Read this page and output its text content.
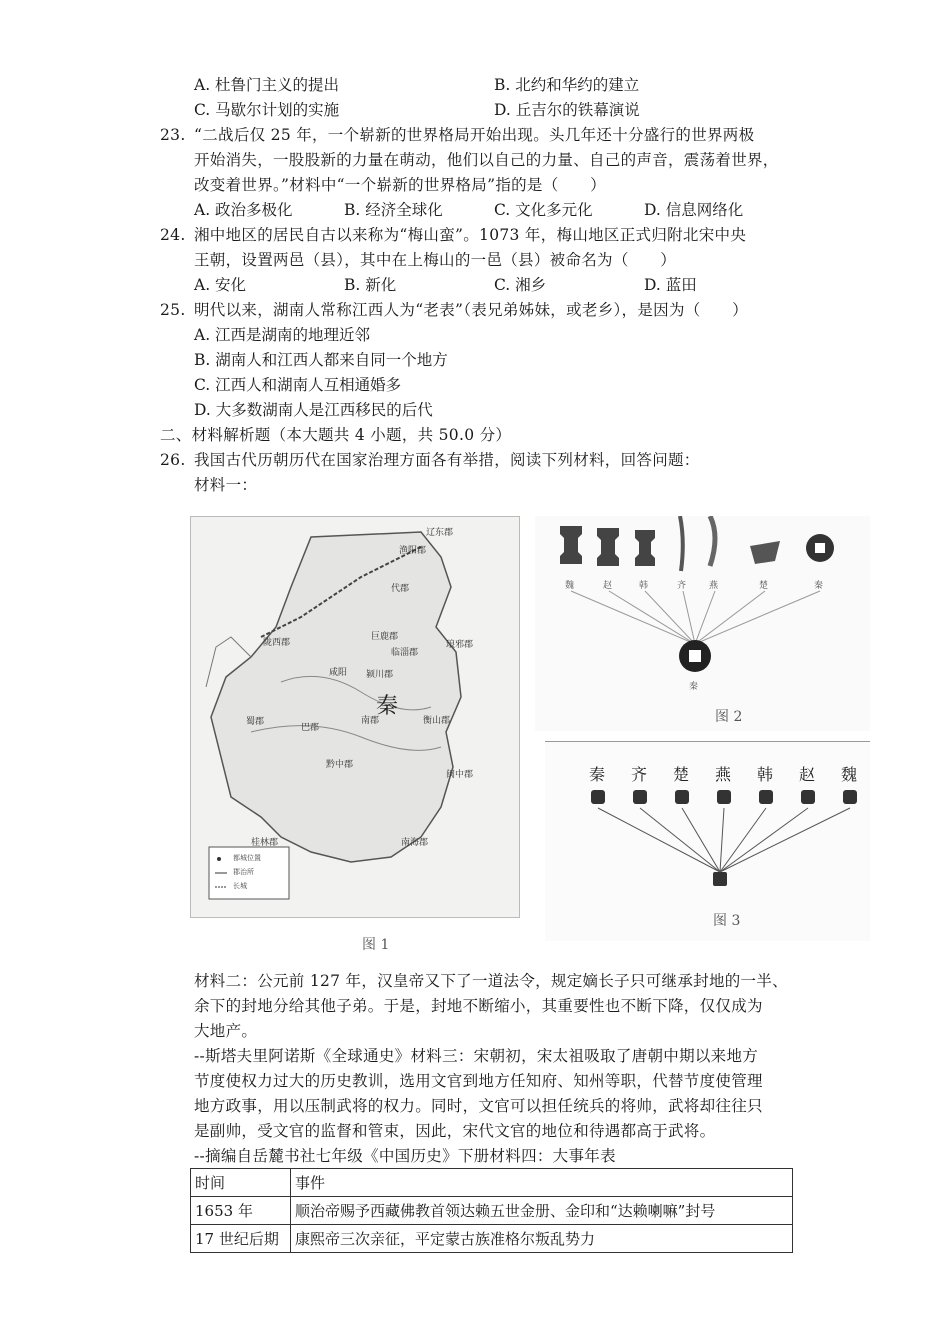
A. 杜鲁门主义的提出	B. 北约和华约的建立
C. 马歇尔计划的实施	D. 丘吉尔的铁幕演说
23. “二战后仅 25 年，一个崭新的世界格局开始出现。头几年还十分盛行的世界两极
开始消失，一股股新的力量在萌动，他们以自己的力量、自己的声音，震荡着世界，
改变着世界。”材料中“一个崭新的世界格局”指的是（　　）
A. 政治多极化	B. 经济全球化	C. 文化多元化	D. 信息网络化
24. 湘中地区的居民自古以来称为“梅山蛮”。1073 年，梅山地区正式归附北宋中央
王朝，设置两邑（县），其中在上梅山的一邑（县）被命名为（　　）
A. 安化	B. 新化	C. 湘乡	D. 蓝田
25. 明代以来，湖南人常称江西人为“老表”（表兄弟姊妹，或老乡），是因为（　　）
A. 江西是湖南的地理近邻
B. 湖南人和江西人都来自同一个地方
C. 江西人和湖南人互相通婚多
D. 大多数湖南人是江西移民的后代
二、材料解析题（本大题共 4 小题，共 50.0 分）
26. 我国古代历朝历代在国家治理方面各有举措，阅读下列材料，回答问题：
材料一：
秦
辽东郡
渔阳郡
代郡
巨鹿郡
临淄郡
琅邪郡
咸阳 颍川郡
南郡	衡山郡
蜀郡
巴郡
黔中郡
闽中郡
桂林郡	南海郡
陇西郡
都城位置
郡治所
长城
图 1
魏	赵	韩	齐	燕	楚	秦
秦
图 2
秦 齐 楚 燕 韩 赵 魏
图 3
材料二：公元前 127 年，汉皇帝又下了一道法令，规定嫡长子只可继承封地的一半、
余下的封地分给其他子弟。于是，封地不断缩小，其重要性也不断下降，仅仅成为
大地产。
--斯塔夫里阿诺斯《全球通史》材料三：宋朝初，宋太祖吸取了唐朝中期以来地方
节度使权力过大的历史教训，选用文官到地方任知府、知州等职，代替节度使管理
地方政事，用以压制武将的权力。同时，文官可以担任统兵的将帅，武将却往往只
是副帅，受文官的监督和管束，因此，宋代文官的地位和待遇都高于武将。
--摘编自岳麓书社七年级《中国历史》下册材料四：大事年表
时间	事件
1653 年	顺治帝赐予西藏佛教首领达赖五世金册、金印和“达赖喇嘛”封号
17 世纪后期	康熙帝三次亲征，平定蒙古族准格尔叛乱势力
